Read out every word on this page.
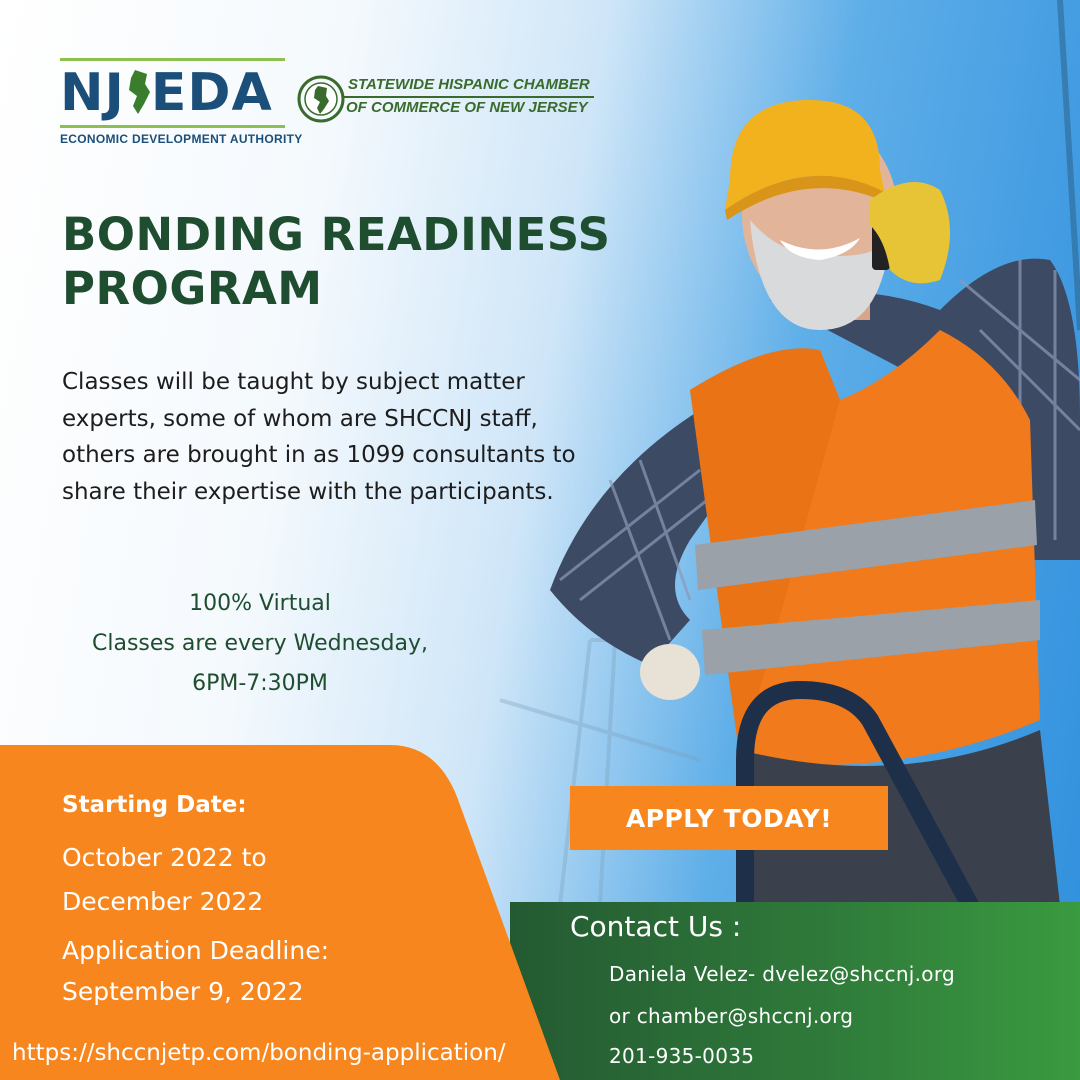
NJ EDA
ECONOMIC DEVELOPMENT AUTHORITY
STATEWIDE HISPANIC CHAMBER
OF COMMERCE OF NEW JERSEY
BONDING READINESS
PROGRAM
Classes will be taught by subject matter experts, some of whom are SHCCNJ staff, others are brought in as 1099 consultants to share their expertise with the participants.
100% Virtual
Classes are every Wednesday,
6PM-7:30PM
Starting Date:
October 2022 to December 2022
Application Deadline:
September 9, 2022
https://shccnjetp.com/bonding-application/
APPLY TODAY!
Contact Us :
Daniela Velez- dvelez@shccnj.org
or chamber@shccnj.org
201-935-0035
